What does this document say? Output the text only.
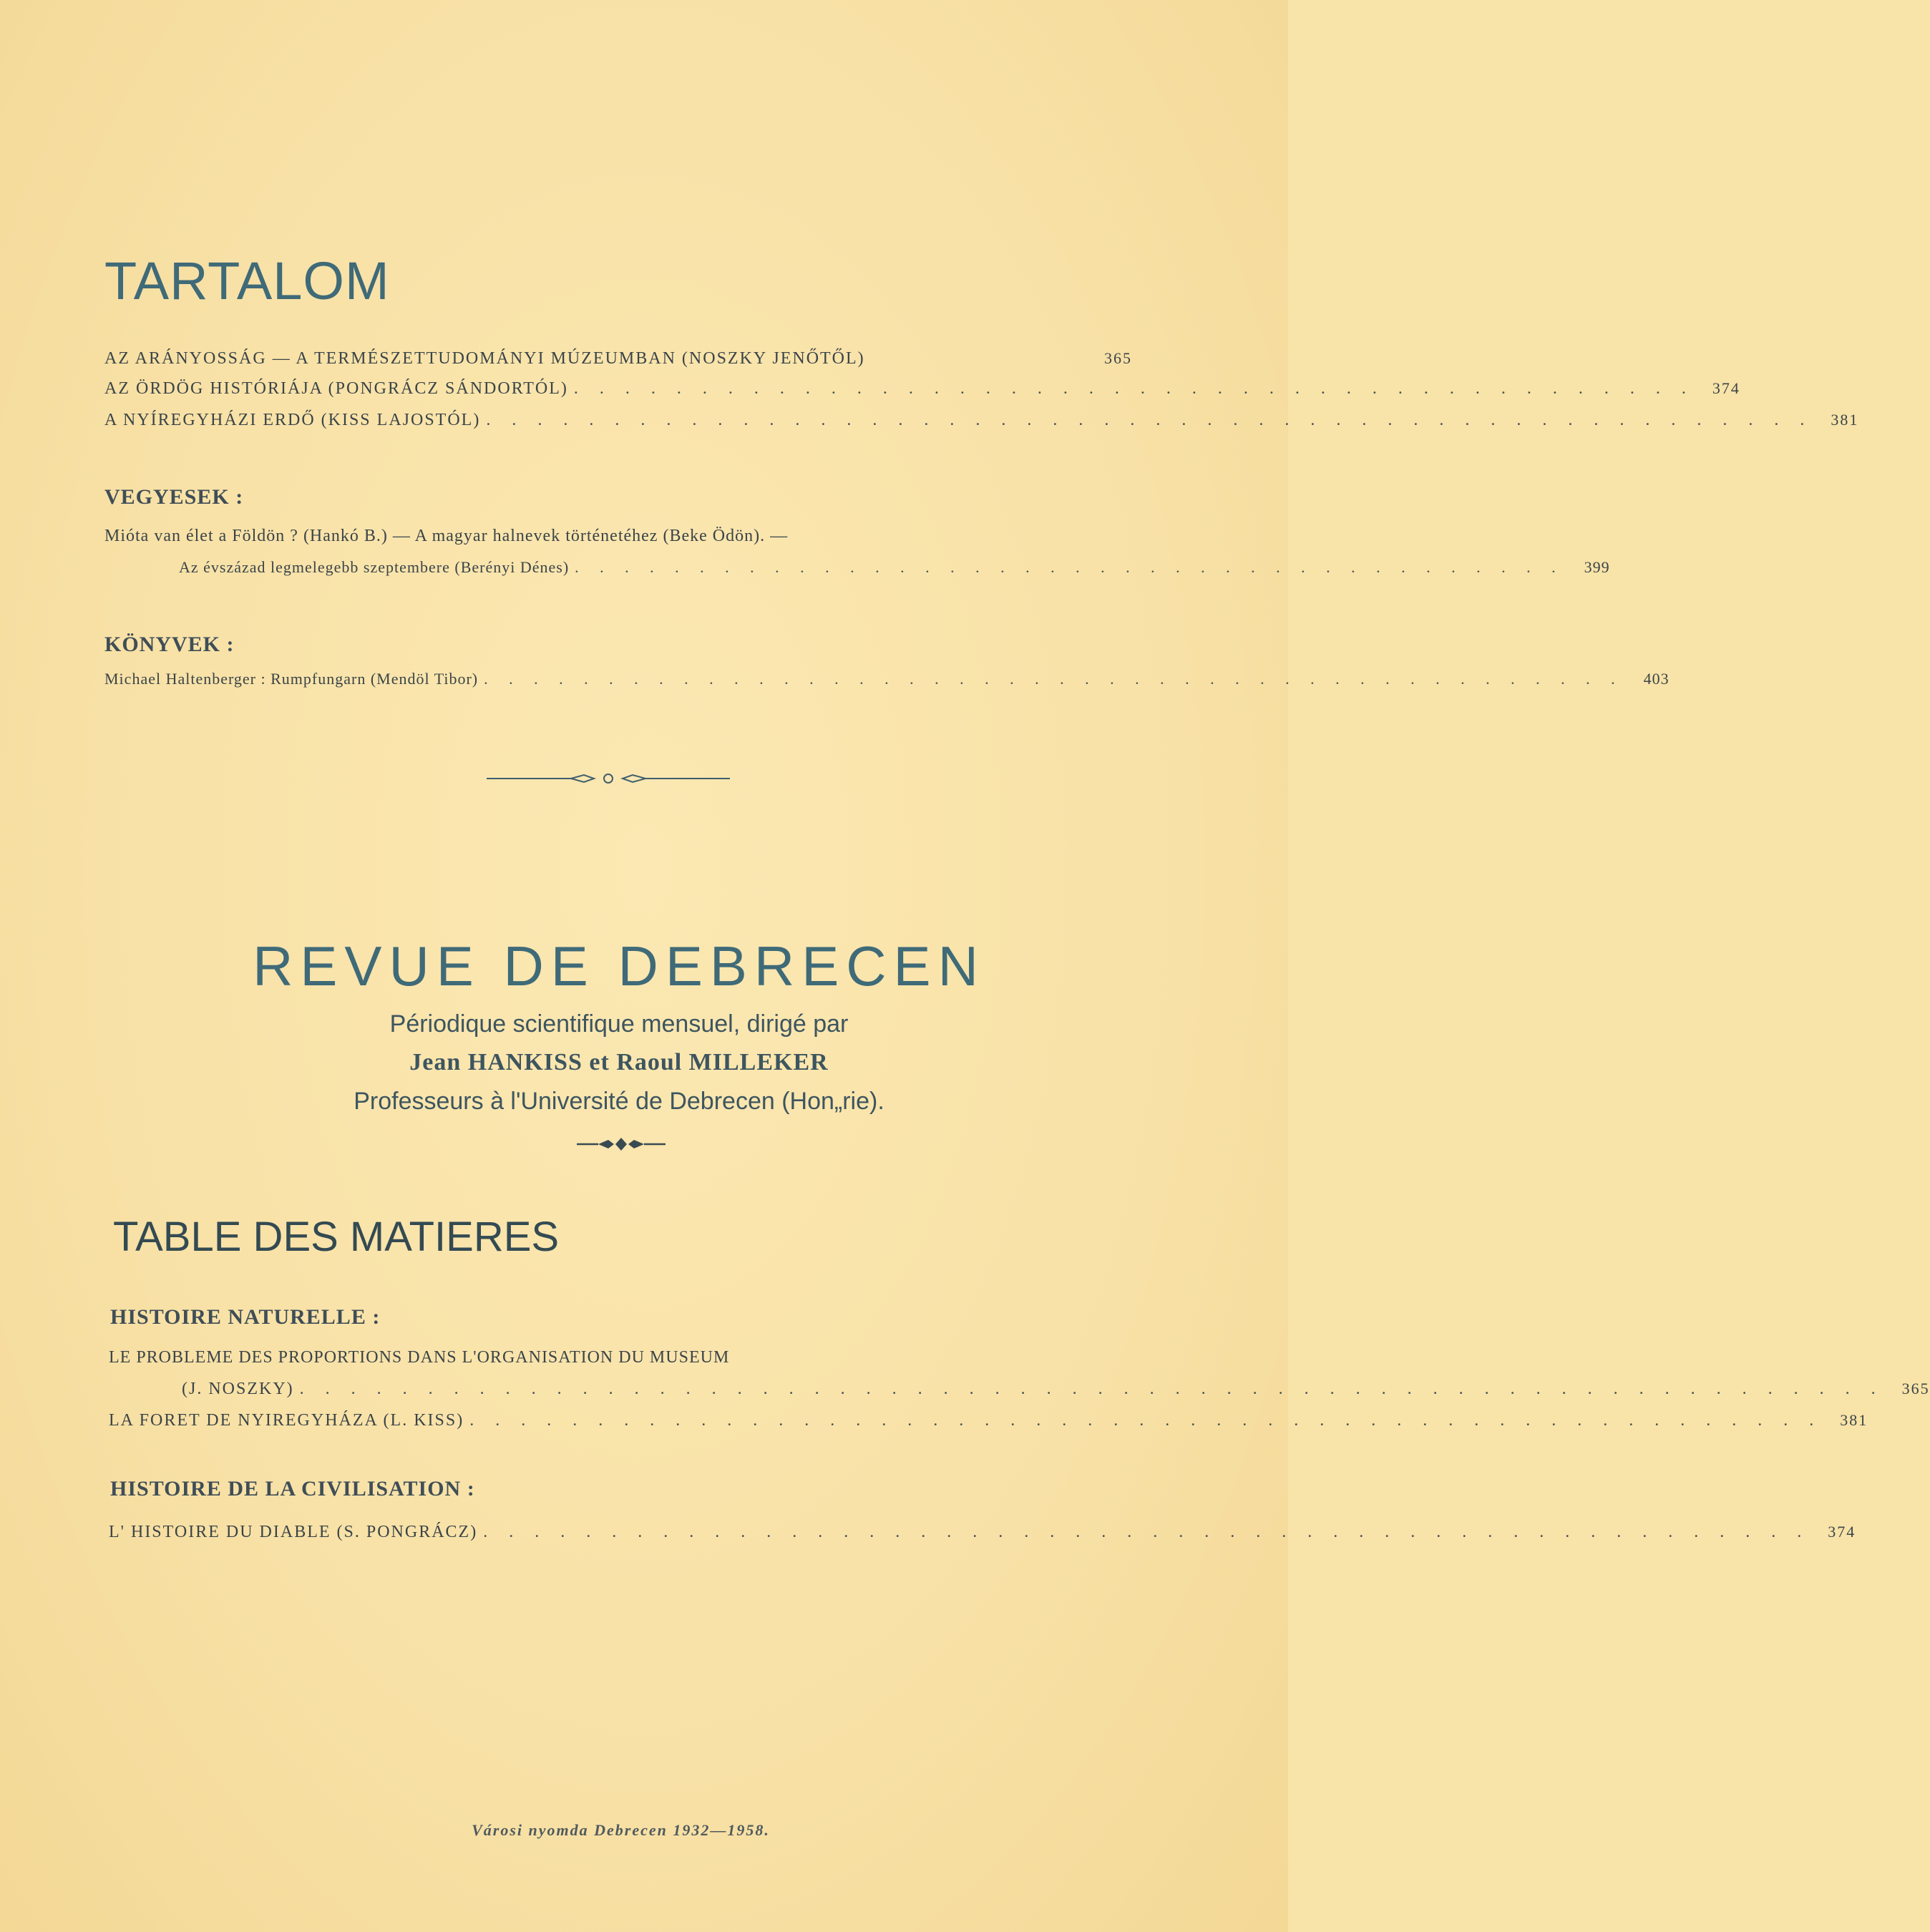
TARTALOM
AZ ARÁNYOSSÁG — A TERMÉSZETTUDOMÁNYI MÚZEUMBAN (NOSZKY JENŐTŐL)	365
AZ ÖRDÖG HISTÓRIÁJA (PONGRÁCZ SÁNDORTÓL) . . . . . . . . . . . . . . . . . . . . . . . . . . . . . . . . . . . . . . . . . . . .	374
A NYÍREGYHÁZI ERDŐ (KISS LAJOSTÓL) . . . . . . . . . . . . . . . . . . . . . . . . . . . . . . . . . . . . . . . . . . . . . . . . . . . .	381
VEGYESEK :
Mióta van élet a Földön ? (Hankó B.) — A magyar halnevek történetéhez (Beke Ödön). —
Az évszázad legmelegebb szeptembere (Berényi Dénes) . . . . . . . . . . . . . . . . . . . . . . . . . . . . . . . . . . . . . . . .	399
KÖNYVEK :
Michael Haltenberger : Rumpfungarn (Mendöl Tibor) . . . . . . . . . . . . . . . . . . . . . . . . . . . . . . . . . . . . . . . . . . . . . .	403
REVUE DE DEBRECEN
Périodique scientifique mensuel, dirigé par
Jean HANKISS et Raoul MILLEKER
Professeurs à l'Université de Debrecen (Hon„rie).
TABLE DES MATIERES
HISTOIRE NATURELLE :
LE PROBLEME DES PROPORTIONS DANS L'ORGANISATION DU MUSEUM
(J. NOSZKY) . . . . . . . . . . . . . . . . . . . . . . . . . . . . . . . . . . . . . . . . . . . . . . . . . . . . . . . . . . . . . .	365
LA FORET DE NYIREGYHÁZA (L. KISS) . . . . . . . . . . . . . . . . . . . . . . . . . . . . . . . . . . . . . . . . . . . . . . . . . . . . .	381
HISTOIRE DE LA CIVILISATION :
L' HISTOIRE DU DIABLE (S. PONGRÁCZ) . . . . . . . . . . . . . . . . . . . . . . . . . . . . . . . . . . . . . . . . . . . . . . . . . . . .	374
Városi nyomda Debrecen 1932—1958.
